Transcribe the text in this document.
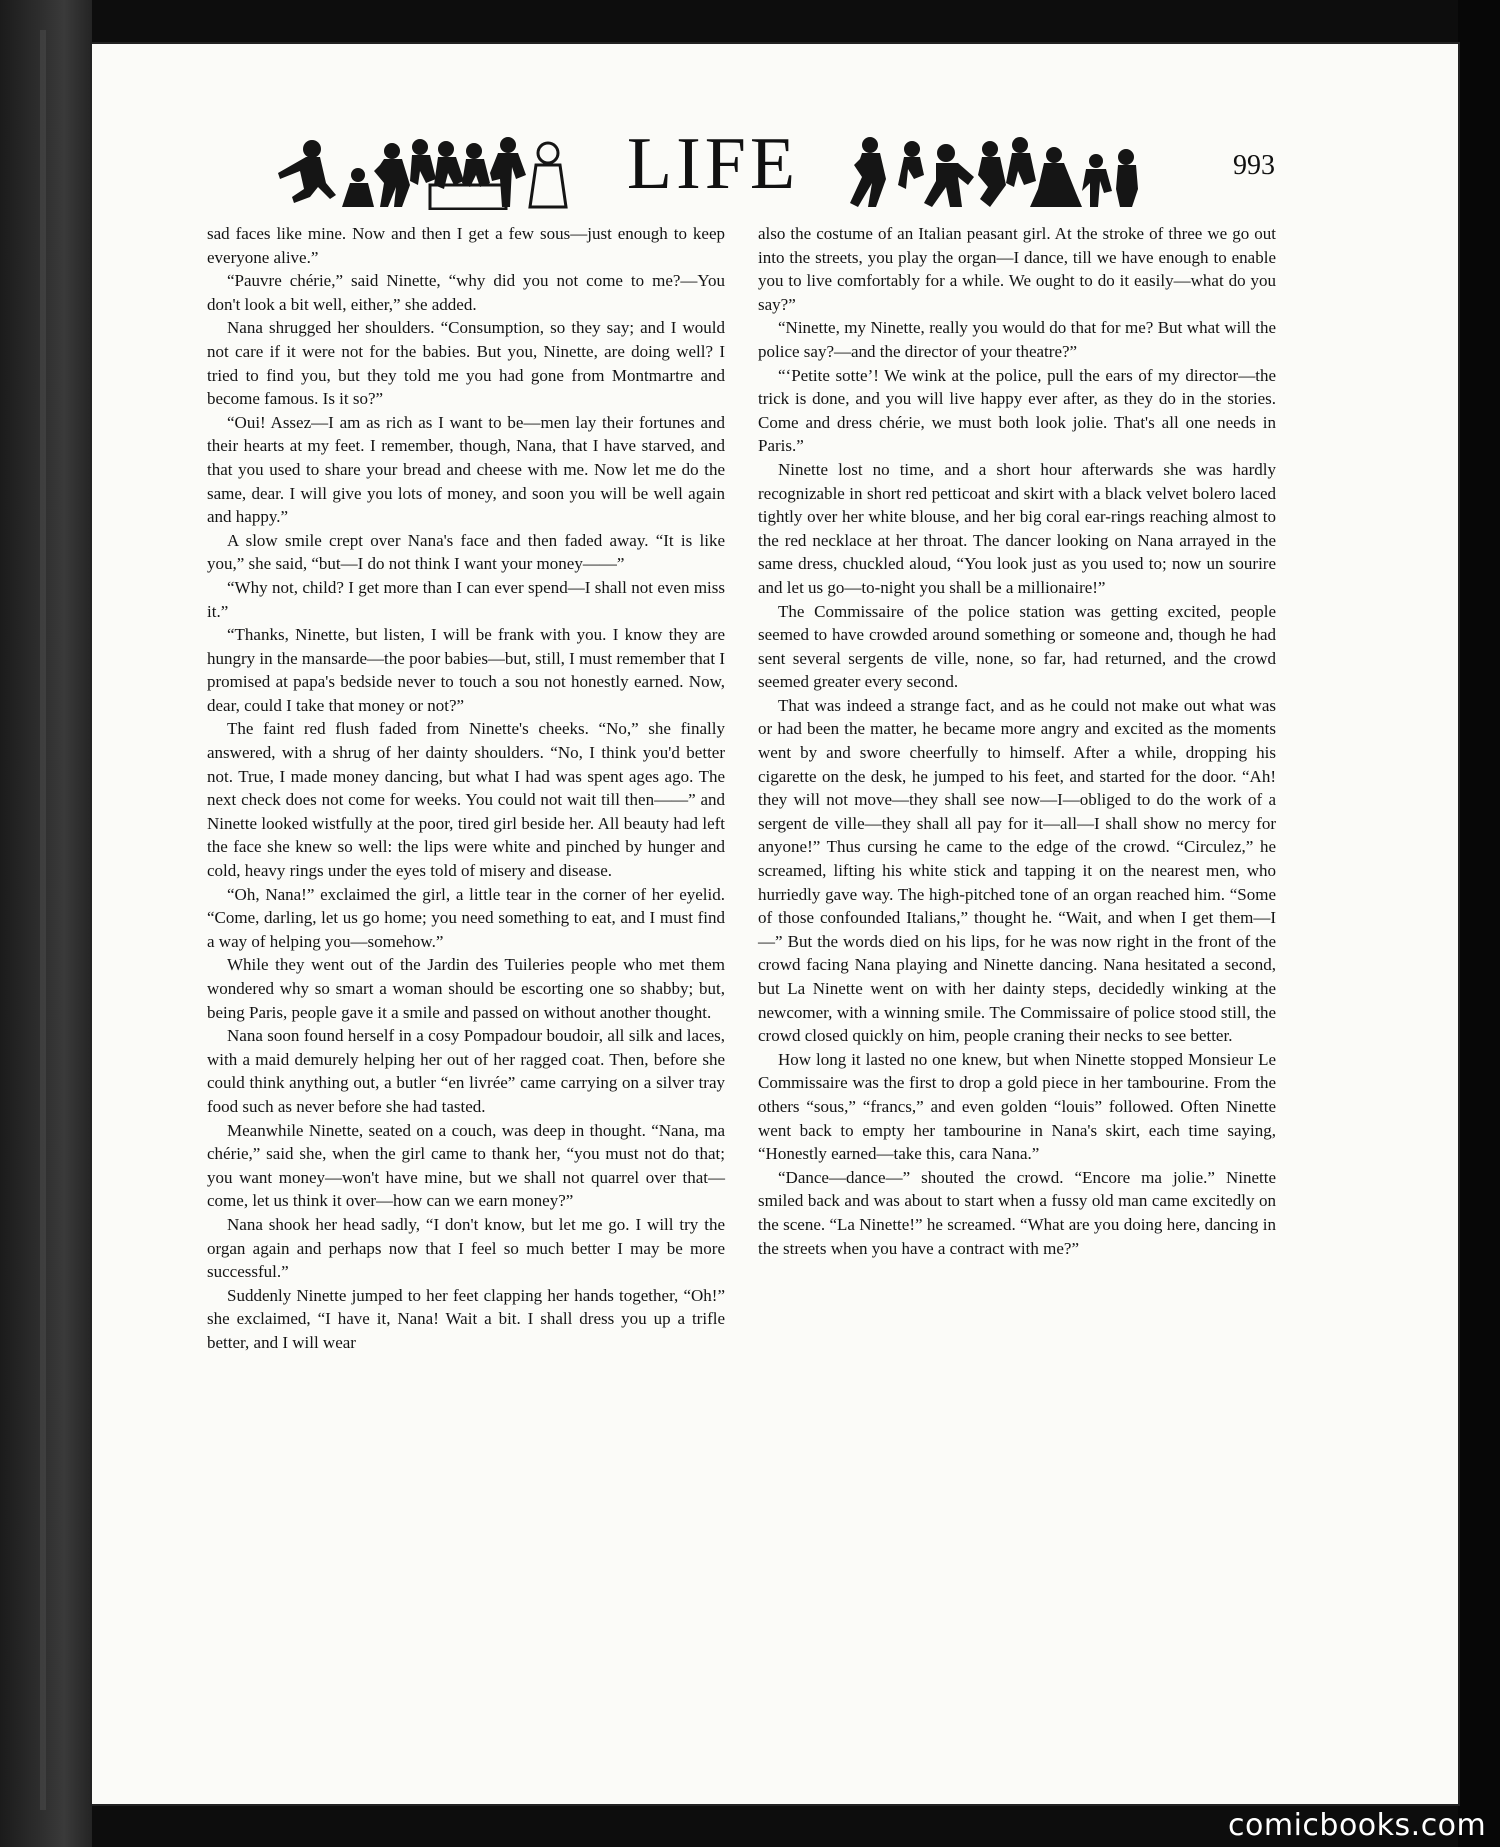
LIFE	993

sad faces like mine. Now and then I get a few sous—just enough to keep everyone alive.”

“Pauvre chérie,” said Ninette, “why did you not come to me?—You don't look a bit well, either,” she added.

Nana shrugged her shoulders. “Consumption, so they say; and I would not care if it were not for the babies. But you, Ninette, are doing well? I tried to find you, but they told me you had gone from Montmartre and become famous. Is it so?”

“Oui! Assez—I am as rich as I want to be—men lay their fortunes and their hearts at my feet. I remember, though, Nana, that I have starved, and that you used to share your bread and cheese with me. Now let me do the same, dear. I will give you lots of money, and soon you will be well again and happy.”

A slow smile crept over Nana's face and then faded away. “It is like you,” she said, “but—I do not think I want your money——”

“Why not, child? I get more than I can ever spend—I shall not even miss it.”

“Thanks, Ninette, but listen, I will be frank with you. I know they are hungry in the mansarde—the poor babies—but, still, I must remember that I promised at papa's bedside never to touch a sou not honestly earned. Now, dear, could I take that money or not?”

The faint red flush faded from Ninette's cheeks. “No,” she finally answered, with a shrug of her dainty shoulders. “No, I think you'd better not. True, I made money dancing, but what I had was spent ages ago. The next check does not come for weeks. You could not wait till then——” and Ninette looked wistfully at the poor, tired girl beside her. All beauty had left the face she knew so well: the lips were white and pinched by hunger and cold, heavy rings under the eyes told of misery and disease.

“Oh, Nana!” exclaimed the girl, a little tear in the corner of her eyelid. “Come, darling, let us go home; you need something to eat, and I must find a way of helping you—somehow.”

While they went out of the Jardin des Tuileries people who met them wondered why so smart a woman should be escorting one so shabby; but, being Paris, people gave it a smile and passed on without another thought.

Nana soon found herself in a cosy Pompadour boudoir, all silk and laces, with a maid demurely helping her out of her ragged coat. Then, before she could think anything out, a butler “en livrée” came carrying on a silver tray food such as never before she had tasted.

Meanwhile Ninette, seated on a couch, was deep in thought. “Nana, ma chérie,” said she, when the girl came to thank her, “you must not do that; you want money—won't have mine, but we shall not quarrel over that—come, let us think it over—how can we earn money?”

Nana shook her head sadly, “I don't know, but let me go. I will try the organ again and perhaps now that I feel so much better I may be more successful.”

Suddenly Ninette jumped to her feet clapping her hands together, “Oh!” she exclaimed, “I have it, Nana! Wait a bit. I shall dress you up a trifle better, and I will wear

also the costume of an Italian peasant girl. At the stroke of three we go out into the streets, you play the organ—I dance, till we have enough to enable you to live comfortably for a while. We ought to do it easily—what do you say?”

“Ninette, my Ninette, really you would do that for me? But what will the police say?—and the director of your theatre?”

“‘Petite sotte’! We wink at the police, pull the ears of my director—the trick is done, and you will live happy ever after, as they do in the stories. Come and dress chérie, we must both look jolie. That's all one needs in Paris.”

Ninette lost no time, and a short hour afterwards she was hardly recognizable in short red petticoat and skirt with a black velvet bolero laced tightly over her white blouse, and her big coral ear-rings reaching almost to the red necklace at her throat. The dancer looking on Nana arrayed in the same dress, chuckled aloud, “You look just as you used to; now un sourire and let us go—to-night you shall be a millionaire!”

The Commissaire of the police station was getting excited, people seemed to have crowded around something or someone and, though he had sent several sergents de ville, none, so far, had returned, and the crowd seemed greater every second.

That was indeed a strange fact, and as he could not make out what was or had been the matter, he became more angry and excited as the moments went by and swore cheerfully to himself. After a while, dropping his cigarette on the desk, he jumped to his feet, and started for the door. “Ah! they will not move—they shall see now—I—obliged to do the work of a sergent de ville—they shall all pay for it—all—I shall show no mercy for anyone!” Thus cursing he came to the edge of the crowd. “Circulez,” he screamed, lifting his white stick and tapping it on the nearest men, who hurriedly gave way. The high-pitched tone of an organ reached him. “Some of those confounded Italians,” thought he. “Wait, and when I get them—I—” But the words died on his lips, for he was now right in the front of the crowd facing Nana playing and Ninette dancing. Nana hesitated a second, but La Ninette went on with her dainty steps, decidedly winking at the newcomer, with a winning smile. The Commissaire of police stood still, the crowd closed quickly on him, people craning their necks to see better.

How long it lasted no one knew, but when Ninette stopped Monsieur Le Commissaire was the first to drop a gold piece in her tambourine. From the others “sous,” “francs,” and even golden “louis” followed. Often Ninette went back to empty her tambourine in Nana's skirt, each time saying, “Honestly earned—take this, cara Nana.”

“Dance—dance—” shouted the crowd. “Encore ma jolie.” Ninette smiled back and was about to start when a fussy old man came excitedly on the scene. “La Ninette!” he screamed. “What are you doing here, dancing in the streets when you have a contract with me?”

comicbooks.com
